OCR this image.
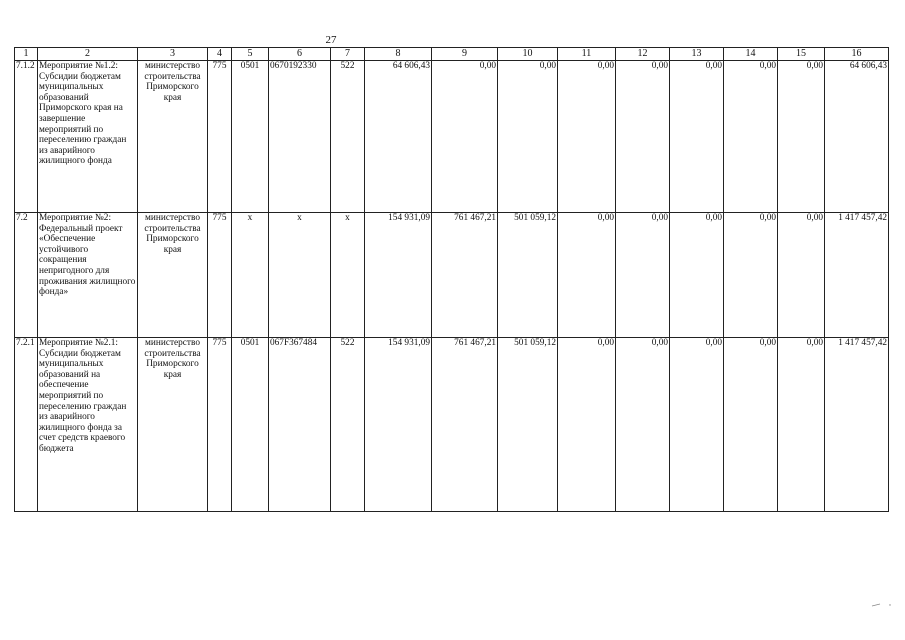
27
1	2	3	4	5	6	7	8	9	10	11	12	13	14	15	16
7.1.2	Мероприятие №1.2: Субсидии бюджетам муниципальных образований Приморского края на завершение мероприятий по переселению граждан из аварийного жилищного фонда	министерство строительства Приморского края	775	0501	0670192330	522	64 606,43	0,00	0,00	0,00	0,00	0,00	0,00	0,00	64 606,43
7.2	Мероприятие №2: Федеральный проект «Обеспечение устойчивого сокращения непригодного для проживания жилищного фонда»	министерство строительства Приморского края	775	х	х	х	154 931,09	761 467,21	501 059,12	0,00	0,00	0,00	0,00	0,00	1 417 457,42
7.2.1	Мероприятие №2.1: Субсидии бюджетам муниципальных образований на обеспечение мероприятий по переселению граждан из аварийного жилищного фонда за счет средств краевого бюджета	министерство строительства Приморского края	775	0501	067F367484	522	154 931,09	761 467,21	501 059,12	0,00	0,00	0,00	0,00	0,00	1 417 457,42
